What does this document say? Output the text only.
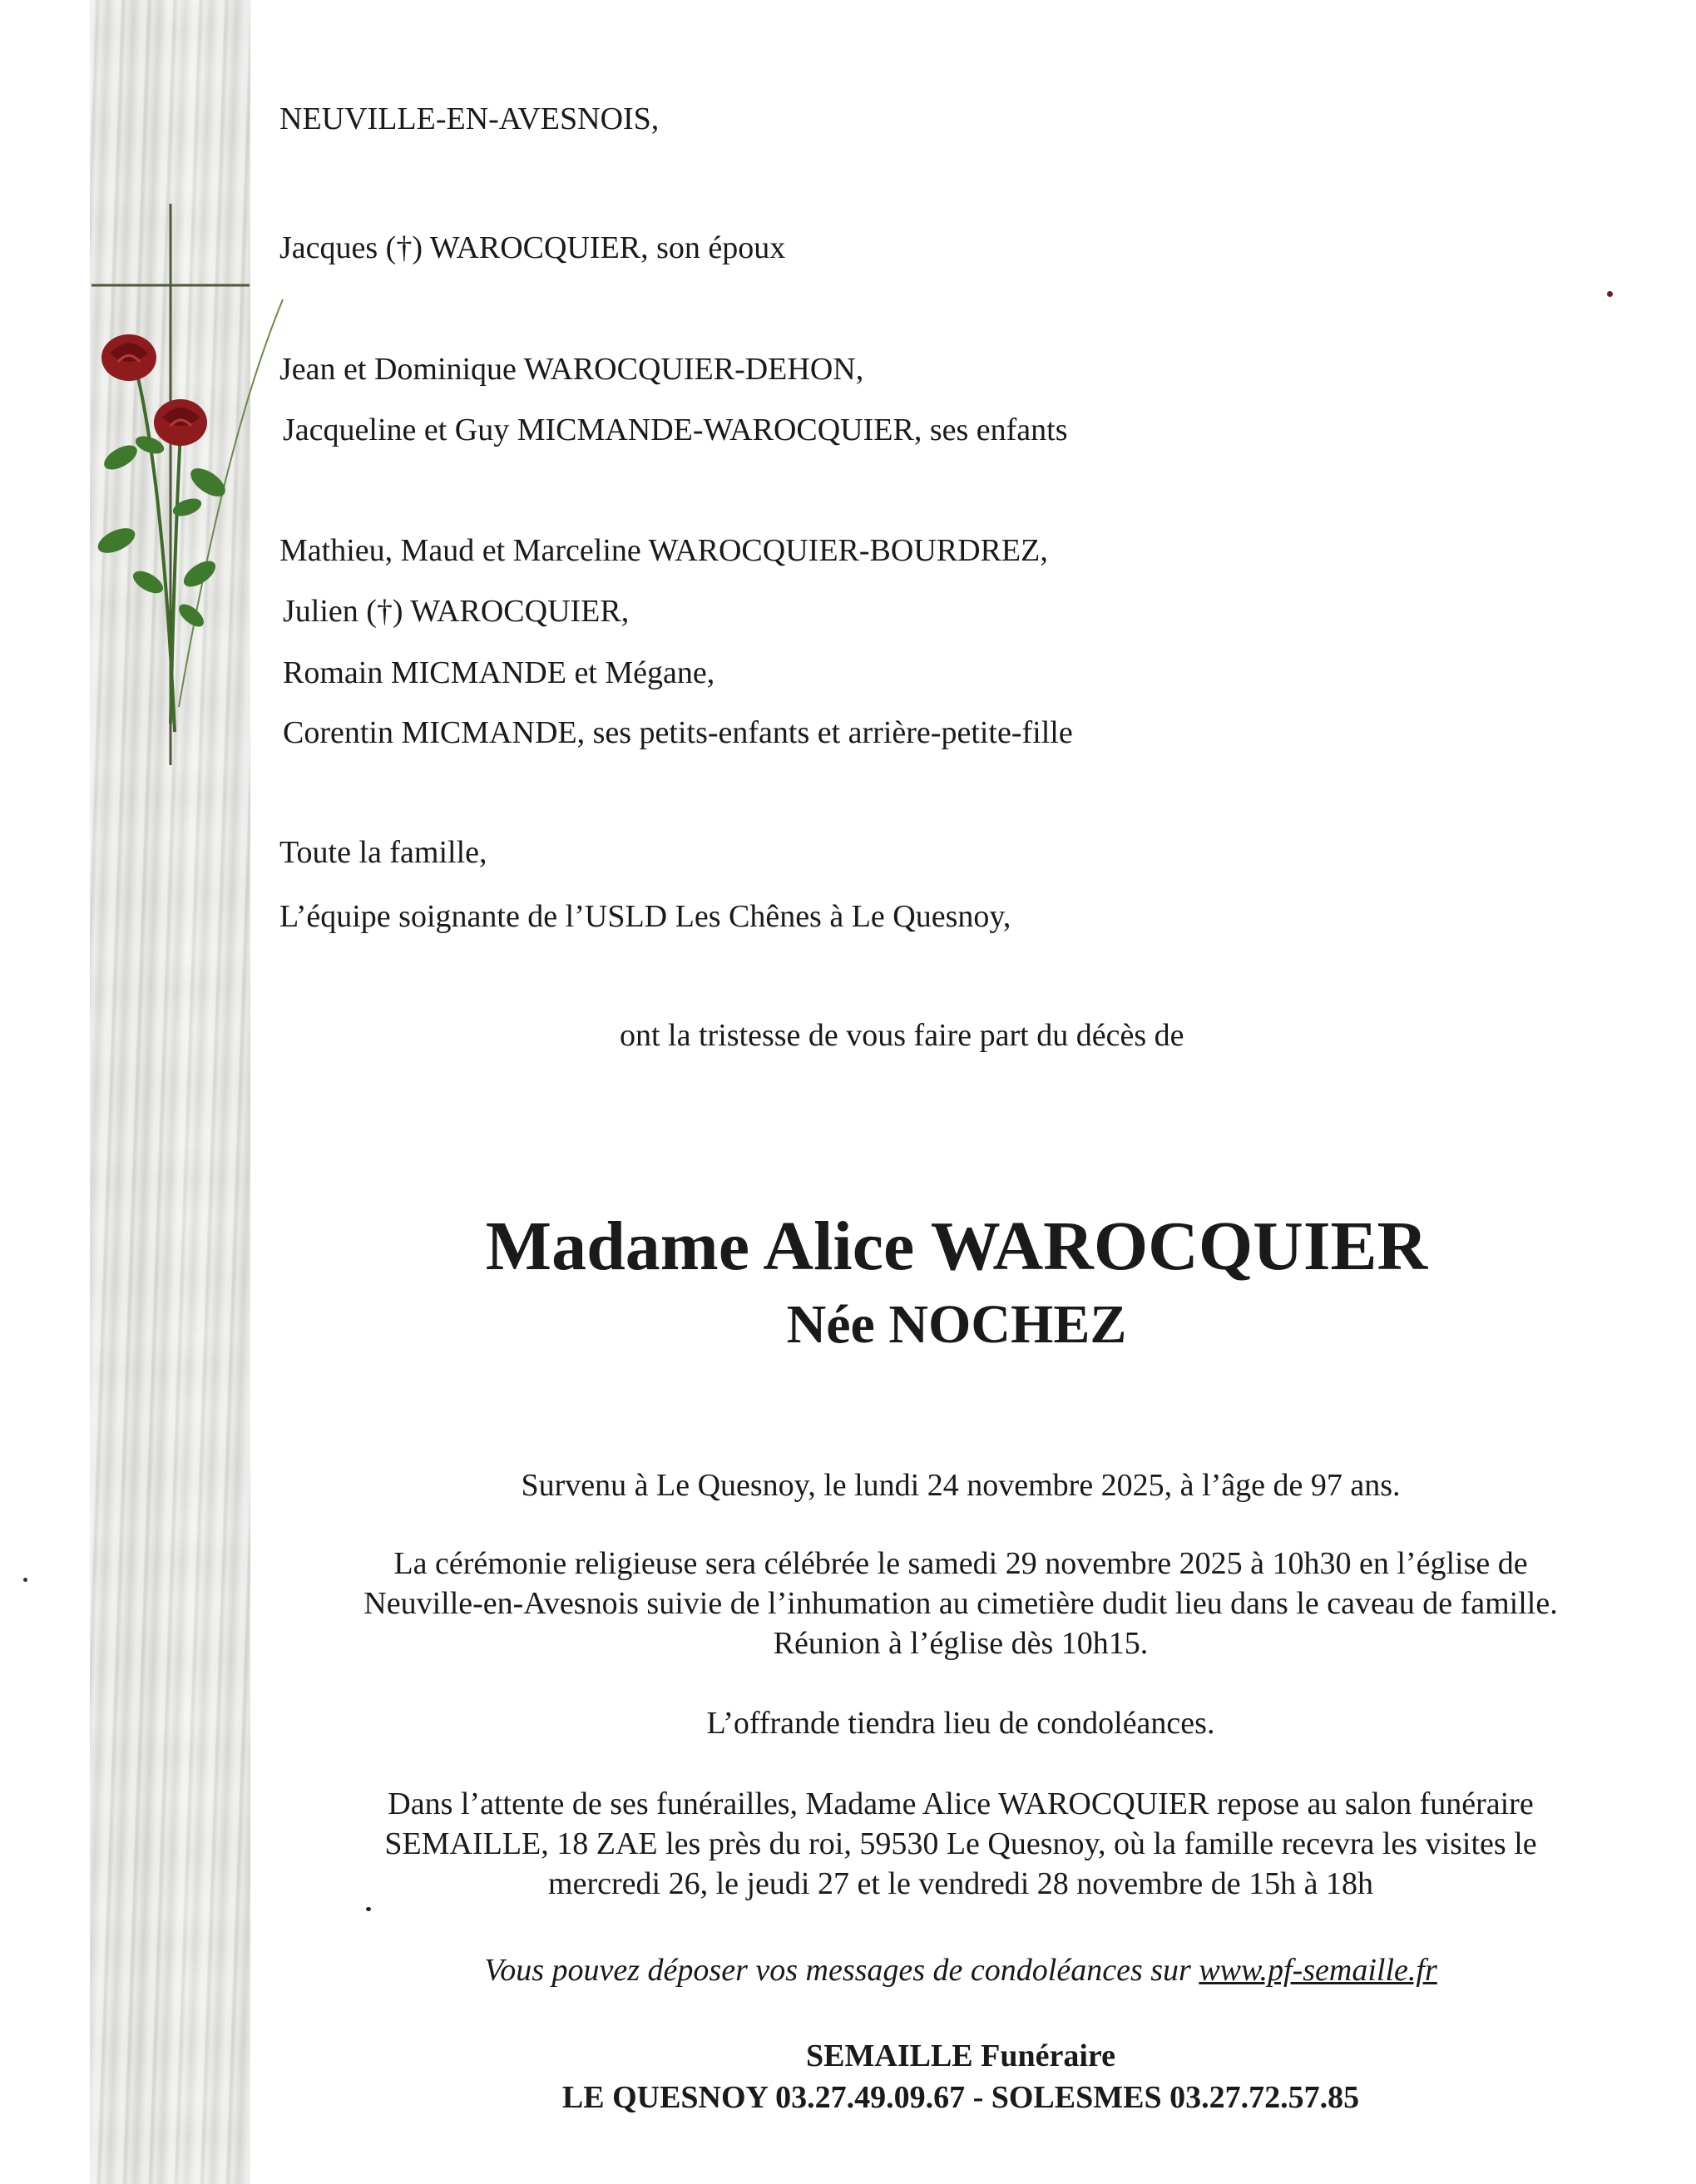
NEUVILLE-EN-AVESNOIS,
Jacques (†) WAROCQUIER, son époux
Jean et Dominique WAROCQUIER-DEHON,
Jacqueline et Guy MICMANDE-WAROCQUIER, ses enfants
Mathieu, Maud et Marceline WAROCQUIER-BOURDREZ,
Julien (†) WAROCQUIER,
Romain MICMANDE et Mégane,
Corentin MICMANDE, ses petits-enfants et arrière-petite-fille
Toute la famille,
L’équipe soignante de l’USLD Les Chênes à Le Quesnoy,
ont la tristesse de vous faire part du décès de
Madame Alice WAROCQUIER
Née NOCHEZ
Survenu à Le Quesnoy, le lundi 24 novembre 2025, à l’âge de 97 ans.
La cérémonie religieuse sera célébrée le samedi 29 novembre 2025 à 10h30 en l’église de
Neuville-en-Avesnois suivie de l’inhumation au cimetière dudit lieu dans le caveau de famille.
Réunion à l’église dès 10h15.
L’offrande tiendra lieu de condoléances.
Dans l’attente de ses funérailles, Madame Alice WAROCQUIER repose au salon funéraire
SEMAILLE, 18 ZAE les près du roi, 59530 Le Quesnoy, où la famille recevra les visites le
mercredi 26, le jeudi 27 et le vendredi 28 novembre de 15h à 18h
Vous pouvez déposer vos messages de condoléances sur www.pf-semaille.fr
SEMAILLE Funéraire
LE QUESNOY 03.27.49.09.67 - SOLESMES 03.27.72.57.85
